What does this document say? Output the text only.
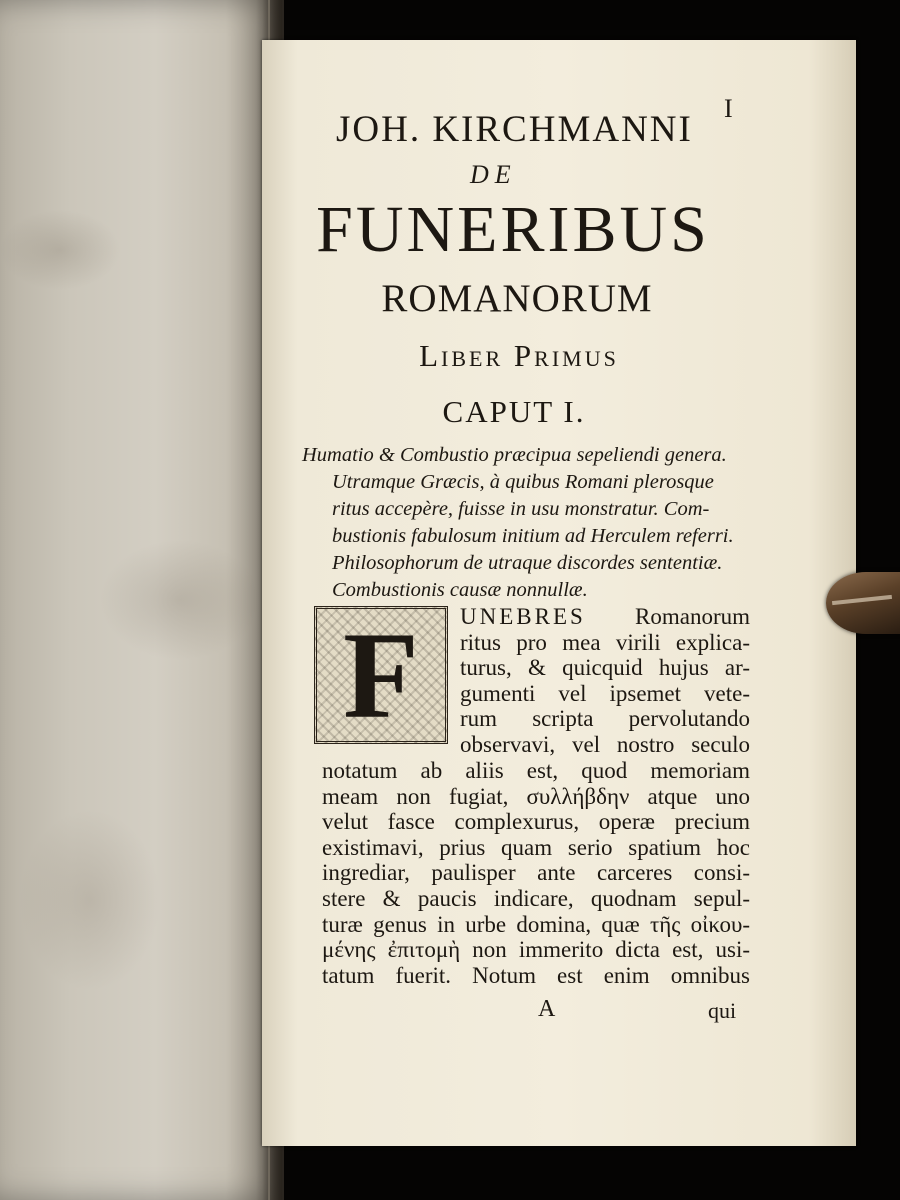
I
JOH. KIRCHMANNI
DE
FUNERIBUS
ROMANORUM
Liber Primus
CAPUT I.
Humatio & Combustio præcipua sepeliendi genera.
Utramque Græcis, à quibus Romani plerosque
ritus accepère, fuisse in usu monstratur. Com-
bustionis fabulosum initium ad Herculem referri.
Philosophorum de utraque discordes sententiæ.
Combustionis causæ nonnullæ.
F	UNEBRES Romanorum
ritus pro mea virili explica-
turus, & quicquid hujus ar-
gumenti vel ipsemet vete-
rum scripta pervolutando
observavi, vel nostro seculo
notatum ab aliis est, quod memoriam
meam non fugiat, συλλήβδην atque uno
velut fasce complexurus, operæ precium
existimavi, prius quam serio spatium hoc
ingrediar, paulisper ante carceres consi-
stere & paucis indicare, quodnam sepul-
turæ genus in urbe domina, quæ τῆς οἰκου-
μένης ἐπιτομὴ non immerito dicta est, usi-
tatum fuerit. Notum est enim omnibus
A	qui
